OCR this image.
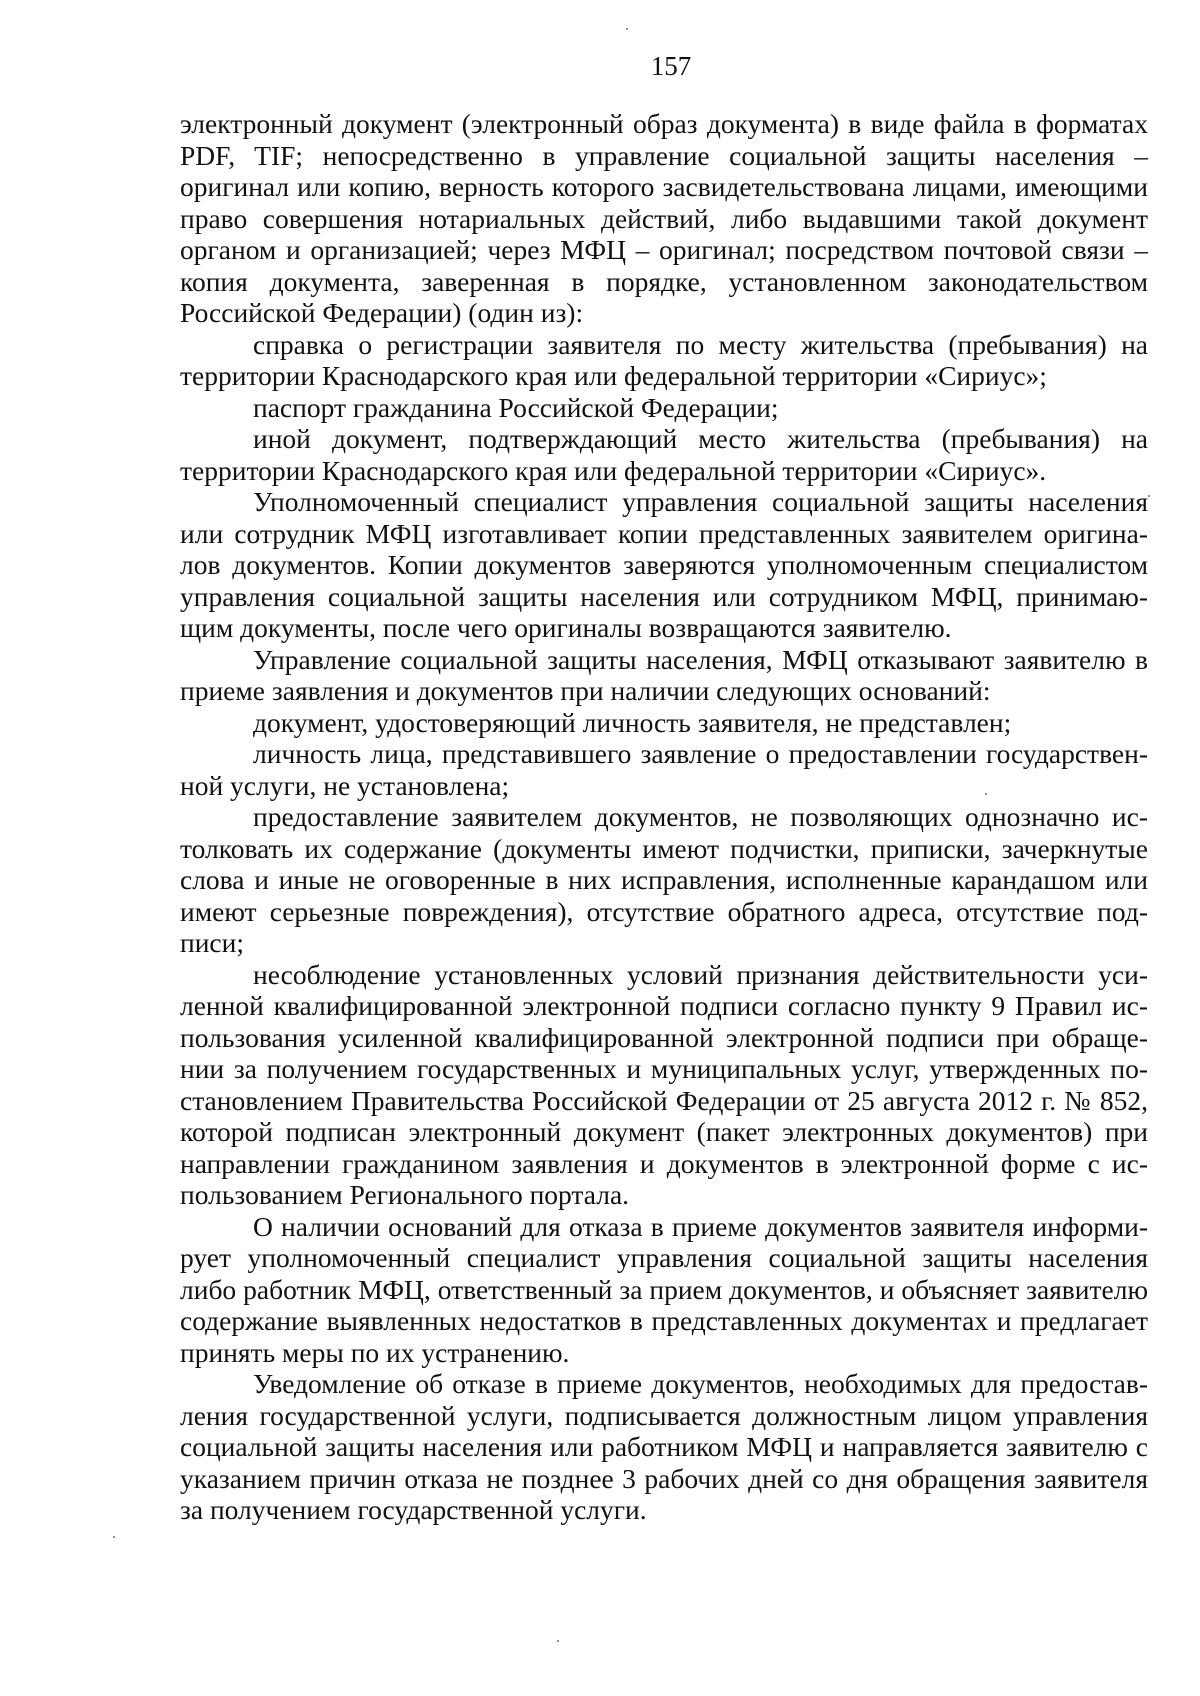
157

электронный документ (электронный образ документа) в виде файла в форматах PDF, TIF; непосредственно в управление социальной защиты населения – оригинал или копию, верность которого засвидетельствована лицами, имеющими право совершения нотариальных действий, либо выдавшими такой документ органом и организацией; через МФЦ – оригинал; посредством почтовой связи – копия документа, заверенная в порядке, установленном законодательством Российской Федерации) (один из):

справка о регистрации заявителя по месту жительства (пребывания) на территории Краснодарского края или федеральной территории «Сириус»;

паспорт гражданина Российской Федерации;

иной документ, подтверждающий место жительства (пребывания) на территории Краснодарского края или федеральной территории «Сириус».

Уполномоченный специалист управления социальной защиты населения или сотрудник МФЦ изготавливает копии представленных заявителем оригиналов документов. Копии документов заверяются уполномоченным специалистом управления социальной защиты населения или сотрудником МФЦ, принимающим документы, после чего оригиналы возвращаются заявителю.

Управление социальной защиты населения, МФЦ отказывают заявителю в приеме заявления и документов при наличии следующих оснований:

документ, удостоверяющий личность заявителя, не представлен;

личность лица, представившего заявление о предоставлении государственной услуги, не установлена;

предоставление заявителем документов, не позволяющих однозначно истолковать их содержание (документы имеют подчистки, приписки, зачеркнутые слова и иные не оговоренные в них исправления, исполненные карандашом или имеют серьезные повреждения), отсутствие обратного адреса, отсутствие подписи;

несоблюдение установленных условий признания действительности усиленной квалифицированной электронной подписи согласно пункту 9 Правил использования усиленной квалифицированной электронной подписи при обращении за получением государственных и муниципальных услуг, утвержденных постановлением Правительства Российской Федерации от 25 августа 2012 г. № 852, которой подписан электронный документ (пакет электронных документов) при направлении гражданином заявления и документов в электронной форме с использованием Регионального портала.

О наличии оснований для отказа в приеме документов заявителя информирует уполномоченный специалист управления социальной защиты населения либо работник МФЦ, ответственный за прием документов, и объясняет заявителю содержание выявленных недостатков в представленных документах и предлагает принять меры по их устранению.

Уведомление об отказе в приеме документов, необходимых для предоставления государственной услуги, подписывается должностным лицом управления социальной защиты населения или работником МФЦ и направляется заявителю с указанием причин отказа не позднее 3 рабочих дней со дня обращения заявителя за получением государственной услуги.
